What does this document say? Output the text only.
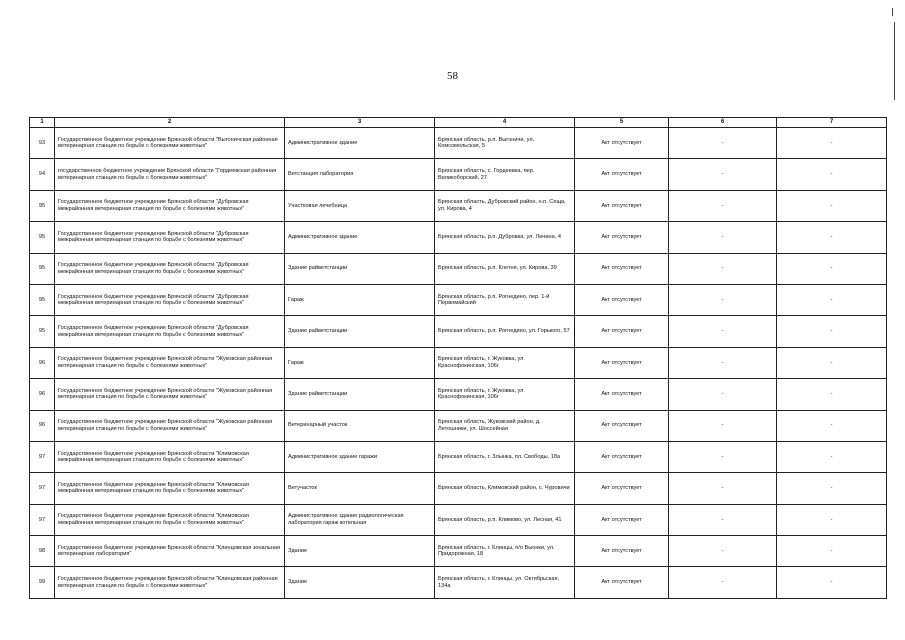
58
1	2	3	4	5	6	7
93	Государственное бюджетное учреждение Брянской области "Выгоничская районная ветеринарная станция по борьбе с болезнями животных"	Административное здание	Брянская область, р.п. Выгоничи, ул. Комсомольская, 5	Акт отсутствует	-	-
94	государственное бюджетное учреждение Брянской области "Гордеевская районная ветеринарная станция по борьбе с болезнями животных"	Ветстанция лаборатория	Брянская область, с. Гордеевка, пер. Великоборский, 27	Акт отсутствует	-	-
95	Государственное бюджетное учреждение Брянской области "Дубровская межрайонная ветеринарная станция по борьбе с болезнями животных"	Участковая лечебница	Брянская область, Дубровский район, н.п. Сеща, ул. Кирова, 4	Акт отсутствует	-	-
95	Государственное бюджетное учреждение Брянской области "Дубровская межрайонная ветеринарная станция по борьбе с болезнями животных"	Административное здание	Брянская область, р.п. Дубровка, ул. Ленина, 4	Акт отсутствует	-	-
95	Государственное бюджетное учреждение Брянской области "Дубровская межрайонная ветеринарная станция по борьбе с болезнями животных"	Здание райветстанции	Брянская область, р.п. Клетня, ул. Кирова, 39	Акт отсутствует	-	-
95	Государственное бюджетное учреждение Брянской области "Дубровская межрайонная ветеринарная станция по борьбе с болезнями животных"	Гараж	Брянская область, р.п. Рогнедино, пер. 1-й Первомайский	Акт отсутствует	-	-
95	Государственное бюджетное учреждение Брянской области "Дубровская межрайонная ветеринарная станция по борьбе с болезнями животных"	Здание райветстанции	Брянская область, р.п. Рогнедино, ул. Горького, 57	Акт отсутствует	-	-
96	Государственное бюджетное учреждение Брянской области "Жуковская районная ветеринарная станция по борьбе с болезнями животных"	Гараж	Брянская область, г. Жуковка, ул. Краснофокинская, 106г	Акт отсутствует	-	-
96	Государственное бюджетное учреждение Брянской области "Жуковская районная ветеринарная станция по борьбе с болезнями животных"	Здание райветстанции	Брянская область, г. Жуковка, ул. Краснофокинская, 106г	Акт отсутствует	-	-
96	Государственное бюджетное учреждение Брянской области "Жуковская районная ветеринарная станция по борьбе с болезнями животных"	Ветеринарный участок	Брянская область, Жуковский район, д. Летошники, ул. Шоссейная	Акт отсутствует	-	-
97	Государственное бюджетное учреждение Брянской области "Климовская межрайонная ветеринарная станция по борьбе с болезнями животных"	Административное здание гаражи	Брянская область, г. Злынка, пл. Свободы, 18а	Акт отсутствует	-	-
97	Государственное бюджетное учреждение Брянской области "Климовская межрайонная ветеринарная станция по борьбе с болезнями животных"	Ветучасток	Брянская область, Климовский район, с. Чуровичи	Акт отсутствует	-	-
97	Государственное бюджетное учреждение Брянской области "Климовская межрайонная ветеринарная станция по борьбе с болезнями животных"	Административное здание радиологическая лаборатория гараж котельная	Брянская область, р.п. Климово, ул. Лесная, 41	Акт отсутствует	-	-
98	Государственное бюджетное учреждение Брянской области "Клинцовская зональная ветеринарная лаборатория"	Здание	Брянская область, г. Клинцы, п/о Вьюнки, ул. Придорожная, 18	Акт отсутствует	-	-
99	Государственное бюджетное учреждение Брянской области "Клинцовская районная ветеринарная станция по борьбе с болезнями животных"	Здание	Брянская область, г. Клинцы, ул. Октябрьская, 134а	Акт отсутствует	-	-
